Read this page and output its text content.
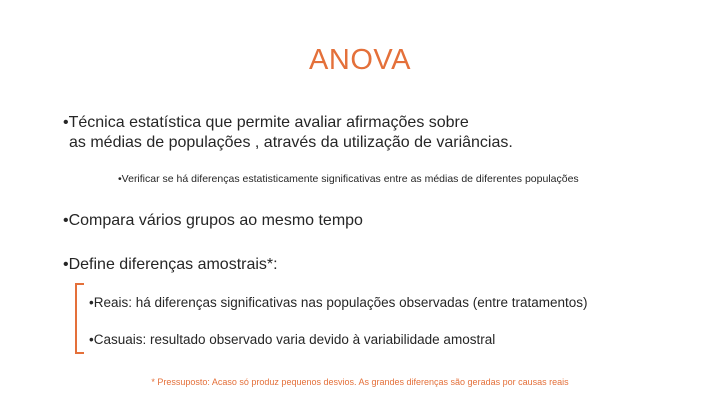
ANOVA
•Técnica estatística que permite avaliar afirmações sobre
as médias de populações , através da utilização de variâncias.
•Verificar se há diferenças estatisticamente significativas entre as médias de diferentes populações
•Compara vários grupos ao mesmo tempo
•Define diferenças amostrais*:
•Reais: há diferenças significativas nas populações observadas (entre tratamentos)
•Casuais: resultado observado varia devido à variabilidade amostral
* Pressuposto: Acaso só produz pequenos desvios. As grandes diferenças são geradas por causas reais
